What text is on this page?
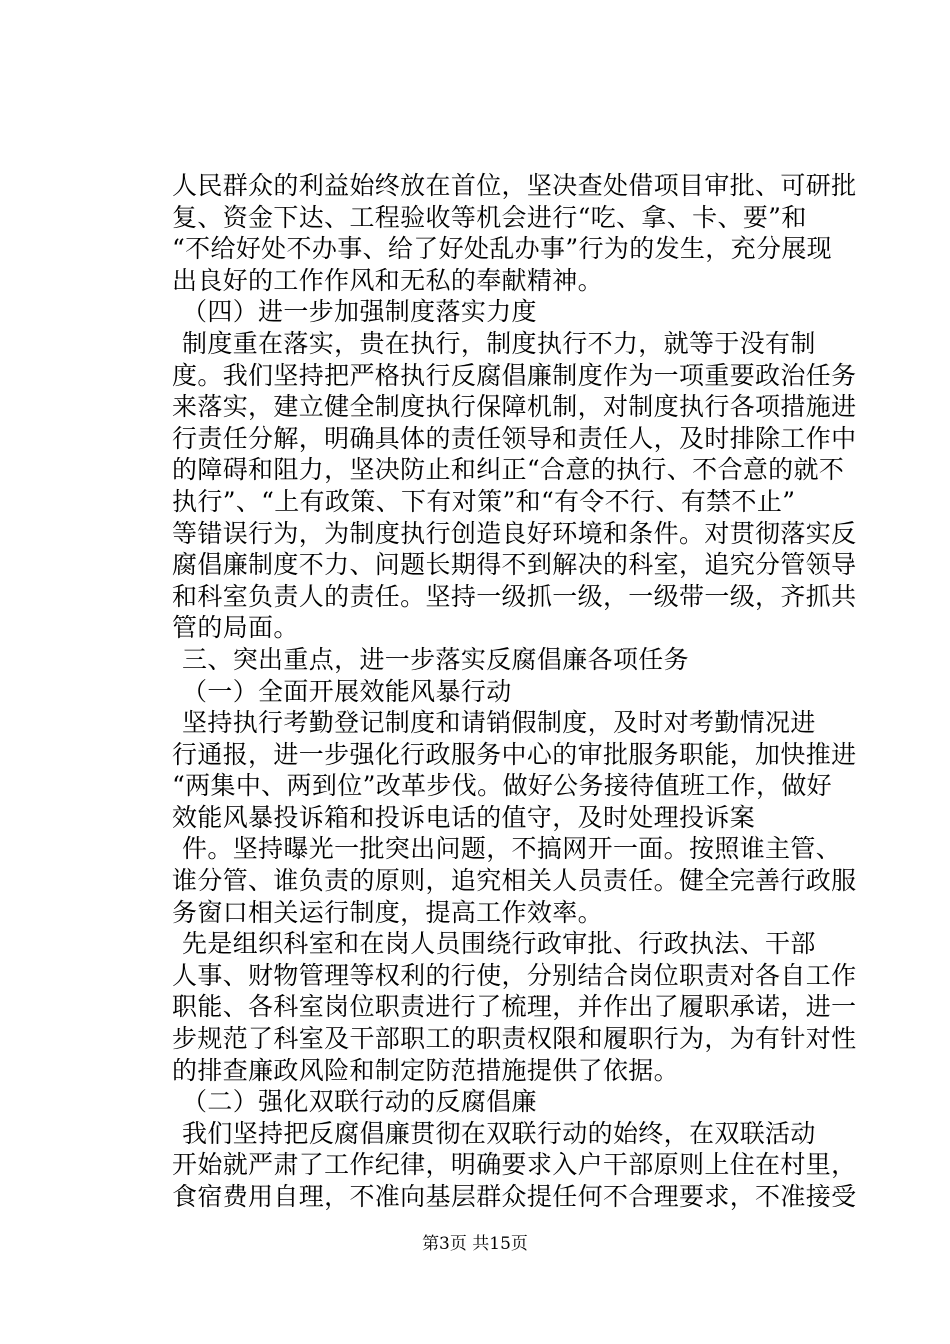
人民群众的利益始终放在首位，坚决查处借项目审批、可研批
复、资金下达、工程验收等机会进行“吃、拿、卡、要”和
“不给好处不办事、给了好处乱办事”行为的发生，充分展现
出良好的工作作风和无私的奉献精神。
（四）进一步加强制度落实力度
制度重在落实，贵在执行，制度执行不力，就等于没有制
度。我们坚持把严格执行反腐倡廉制度作为一项重要政治任务
来落实，建立健全制度执行保障机制，对制度执行各项措施进
行责任分解，明确具体的责任领导和责任人，及时排除工作中
的障碍和阻力，坚决防止和纠正“合意的执行、不合意的就不
执行”、“上有政策、下有对策”和“有令不行、有禁不止”
等错误行为，为制度执行创造良好环境和条件。对贯彻落实反
腐倡廉制度不力、问题长期得不到解决的科室，追究分管领导
和科室负责人的责任。坚持一级抓一级，一级带一级，齐抓共
管的局面。
三、突出重点，进一步落实反腐倡廉各项任务
（一）全面开展效能风暴行动
坚持执行考勤登记制度和请销假制度，及时对考勤情况进
行通报，进一步强化行政服务中心的审批服务职能，加快推进
“两集中、两到位”改革步伐。做好公务接待值班工作，做好
效能风暴投诉箱和投诉电话的值守，及时处理投诉案
件。坚持曝光一批突出问题，不搞网开一面。按照谁主管、
谁分管、谁负责的原则，追究相关人员责任。健全完善行政服
务窗口相关运行制度，提高工作效率。
先是组织科室和在岗人员围绕行政审批、行政执法、干部
人事、财物管理等权利的行使，分别结合岗位职责对各自工作
职能、各科室岗位职责进行了梳理，并作出了履职承诺，进一
步规范了科室及干部职工的职责权限和履职行为，为有针对性
的排查廉政风险和制定防范措施提供了依据。
（二）强化双联行动的反腐倡廉
我们坚持把反腐倡廉贯彻在双联行动的始终，在双联活动
开始就严肃了工作纪律，明确要求入户干部原则上住在村里，
食宿费用自理，不准向基层群众提任何不合理要求，不准接受
第3页 共15页
